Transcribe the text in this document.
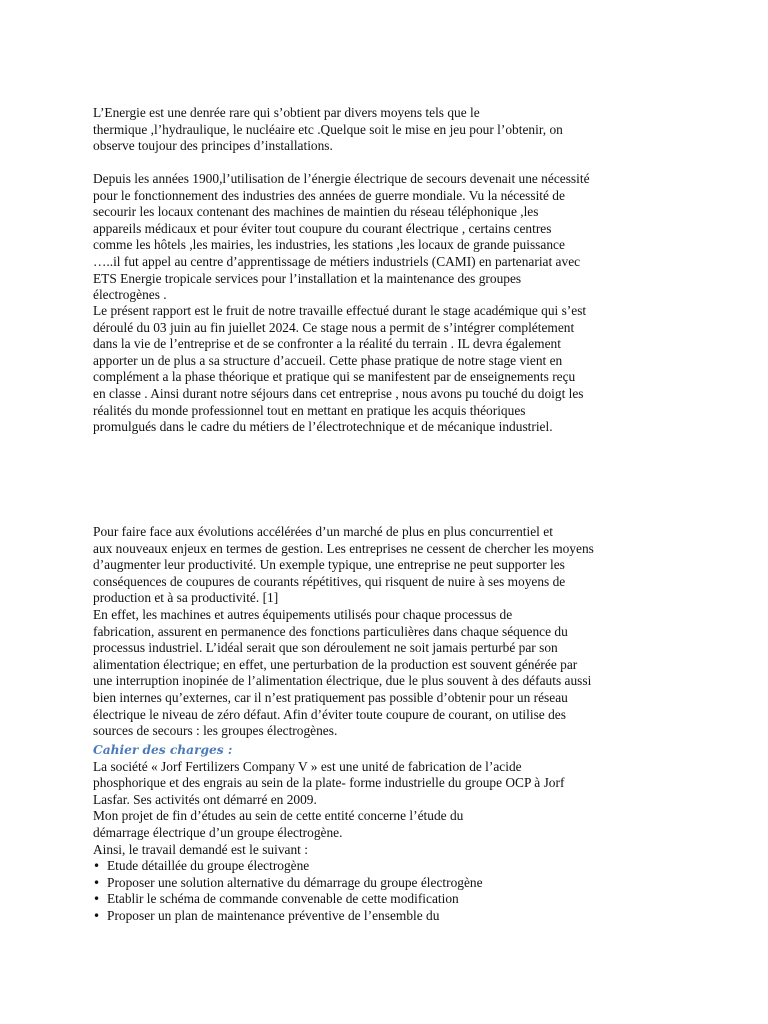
L’Energie est une denrée rare qui s’obtient par divers moyens tels que le
thermique ,l’hydraulique, le nucléaire etc .Quelque soit le mise en jeu pour l’obtenir, on
observe toujour des principes d’installations.
Depuis les années 1900,l’utilisation de l’énergie électrique de secours devenait une nécessité
pour le fonctionnement des industries des années de guerre mondiale. Vu la nécessité de
secourir les locaux contenant des machines de maintien du réseau téléphonique ,les
appareils médicaux et pour éviter tout coupure du courant électrique , certains centres
comme les hôtels ,les mairies, les industries, les stations ,les locaux de grande puissance
…..il fut appel au centre d’apprentissage de métiers industriels (CAMI) en partenariat avec
ETS Energie tropicale services pour l’installation et la maintenance des groupes
électrogènes .
Le présent rapport est le fruit de notre travaille effectué durant le stage académique qui s’est
déroulé du 03 juin au fin juiellet 2024. Ce stage nous a permit de s’intégrer complétement
dans la vie de l’entreprise et de se confronter a la réalité du terrain . IL devra également
apporter un de plus a sa structure d’accueil. Cette phase pratique de notre stage vient en
complément a la phase théorique et pratique qui se manifestent par de enseignements reçu
en classe . Ainsi durant notre séjours dans cet entreprise , nous avons pu touché du doigt les
réalités du monde professionnel tout en mettant en pratique les acquis théoriques
promulgués dans le cadre du métiers de l’électrotechnique et de mécanique industriel.
Pour faire face aux évolutions accélérées d’un marché de plus en plus concurrentiel et
aux nouveaux enjeux en termes de gestion. Les entreprises ne cessent de chercher les moyens
d’augmenter leur productivité. Un exemple typique, une entreprise ne peut supporter les
conséquences de coupures de courants répétitives, qui risquent de nuire à ses moyens de
production et à sa productivité. [1]
En effet, les machines et autres équipements utilisés pour chaque processus de
fabrication, assurent en permanence des fonctions particulières dans chaque séquence du
processus industriel. L’idéal serait que son déroulement ne soit jamais perturbé par son
alimentation électrique; en effet, une perturbation de la production est souvent générée par
une interruption inopinée de l’alimentation électrique, due le plus souvent à des défauts aussi
bien internes qu’externes, car il n’est pratiquement pas possible d’obtenir pour un réseau
électrique le niveau de zéro défaut. Afin d’éviter toute coupure de courant, on utilise des
sources de secours : les groupes électrogènes.
Cahier des charges :
La société « Jorf Fertilizers Company V » est une unité de fabrication de l’acide
phosphorique et des engrais au sein de la plate- forme industrielle du groupe OCP à Jorf
Lasfar. Ses activités ont démarré en 2009.
Mon projet de fin d’études au sein de cette entité concerne l’étude du
démarrage électrique d’un groupe électrogène.
Ainsi, le travail demandé est le suivant :
• Etude détaillée du groupe électrogène
• Proposer une solution alternative du démarrage du groupe électrogène
• Etablir le schéma de commande convenable de cette modification
• Proposer un plan de maintenance préventive de l’ensemble du
